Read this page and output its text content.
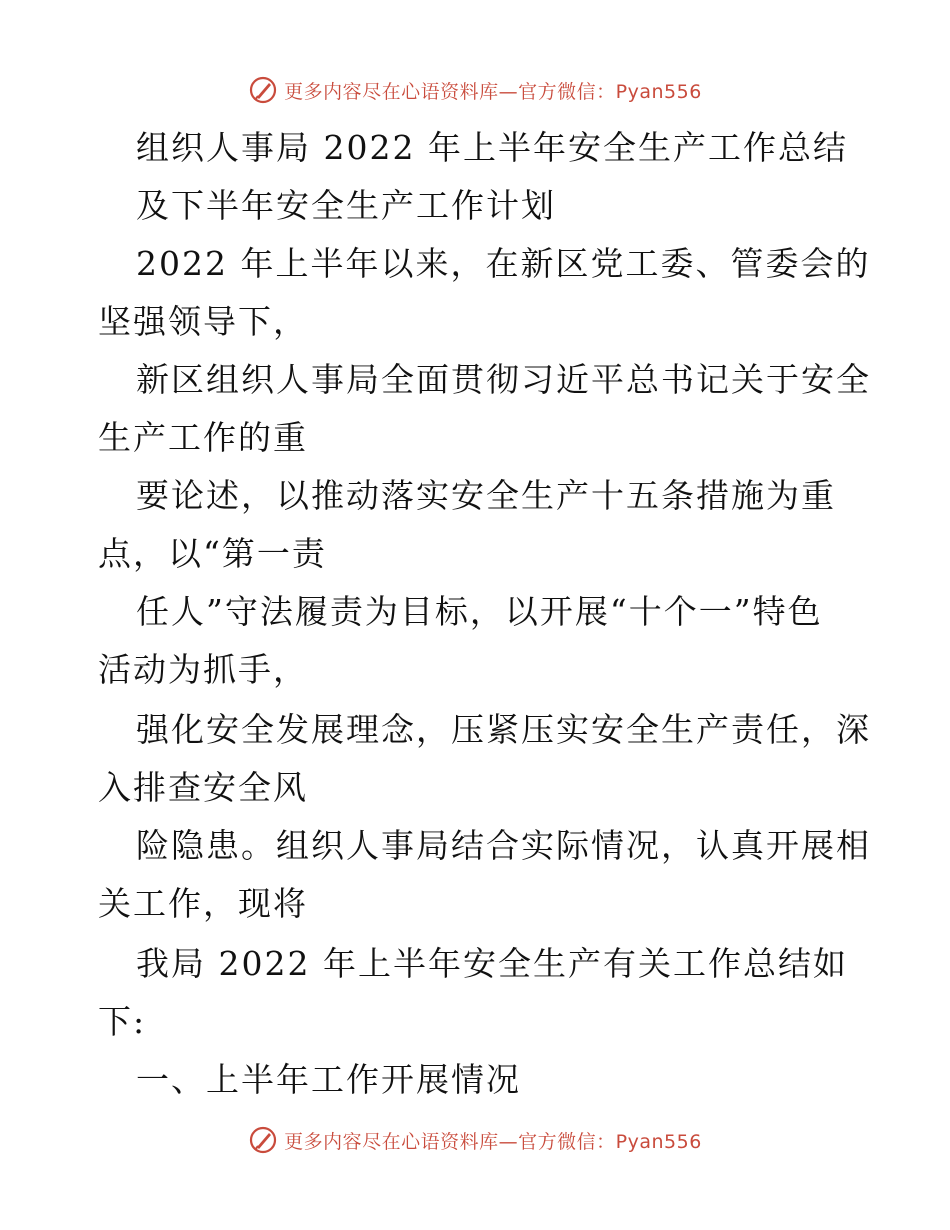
更多内容尽在心语资料库—官方微信：Pyan556
组织人事局 2022 年上半年安全生产工作总结
及下半年安全生产工作计划
2022 年上半年以来，在新区党工委、管委会的
坚强领导下，
新区组织人事局全面贯彻习近平总书记关于安全
生产工作的重
要论述，以推动落实安全生产十五条措施为重
点，以“第一责
任人”守法履责为目标，以开展“十个一”特色
活动为抓手，
强化安全发展理念，压紧压实安全生产责任，深
入排查安全风
险隐患。组织人事局结合实际情况，认真开展相
关工作，现将
我局 2022 年上半年安全生产有关工作总结如
下:
一、上半年工作开展情况
更多内容尽在心语资料库—官方微信：Pyan556
